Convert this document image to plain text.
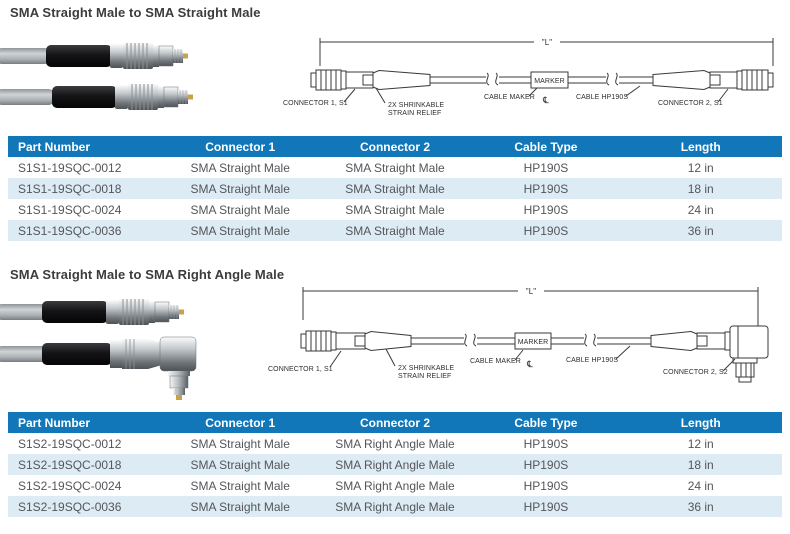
SMA Straight Male to SMA Straight Male
"L"
MARKER
CONNECTOR 1, S1	2X SHRINKABLE
STRAIN RELIEF
CABLE MAKER ℄	CABLE HP190S
CONNECTOR 2, S1
Part Number	Connector 1	Connector 2	Cable Type	Length
S1S1-19SQC-0012	SMA Straight Male	SMA Straight Male	HP190S	12 in
S1S1-19SQC-0018	SMA Straight Male	SMA Straight Male	HP190S	18 in
S1S1-19SQC-0024	SMA Straight Male	SMA Straight Male	HP190S	24 in
S1S1-19SQC-0036	SMA Straight Male	SMA Straight Male	HP190S	36 in
SMA Straight Male to SMA Right Angle Male
"L"
MARKER
CONNECTOR 1, S1	2X SHRINKABLE
STRAIN RELIEF
CABLE MAKER ℄	CABLE HP190S
CONNECTOR 2, S2
Part Number	Connector 1	Connector 2	Cable Type	Length
S1S2-19SQC-0012	SMA Straight Male	SMA Right Angle Male	HP190S	12 in
S1S2-19SQC-0018	SMA Straight Male	SMA Right Angle Male	HP190S	18 in
S1S2-19SQC-0024	SMA Straight Male	SMA Right Angle Male	HP190S	24 in
S1S2-19SQC-0036	SMA Straight Male	SMA Right Angle Male	HP190S	36 in
